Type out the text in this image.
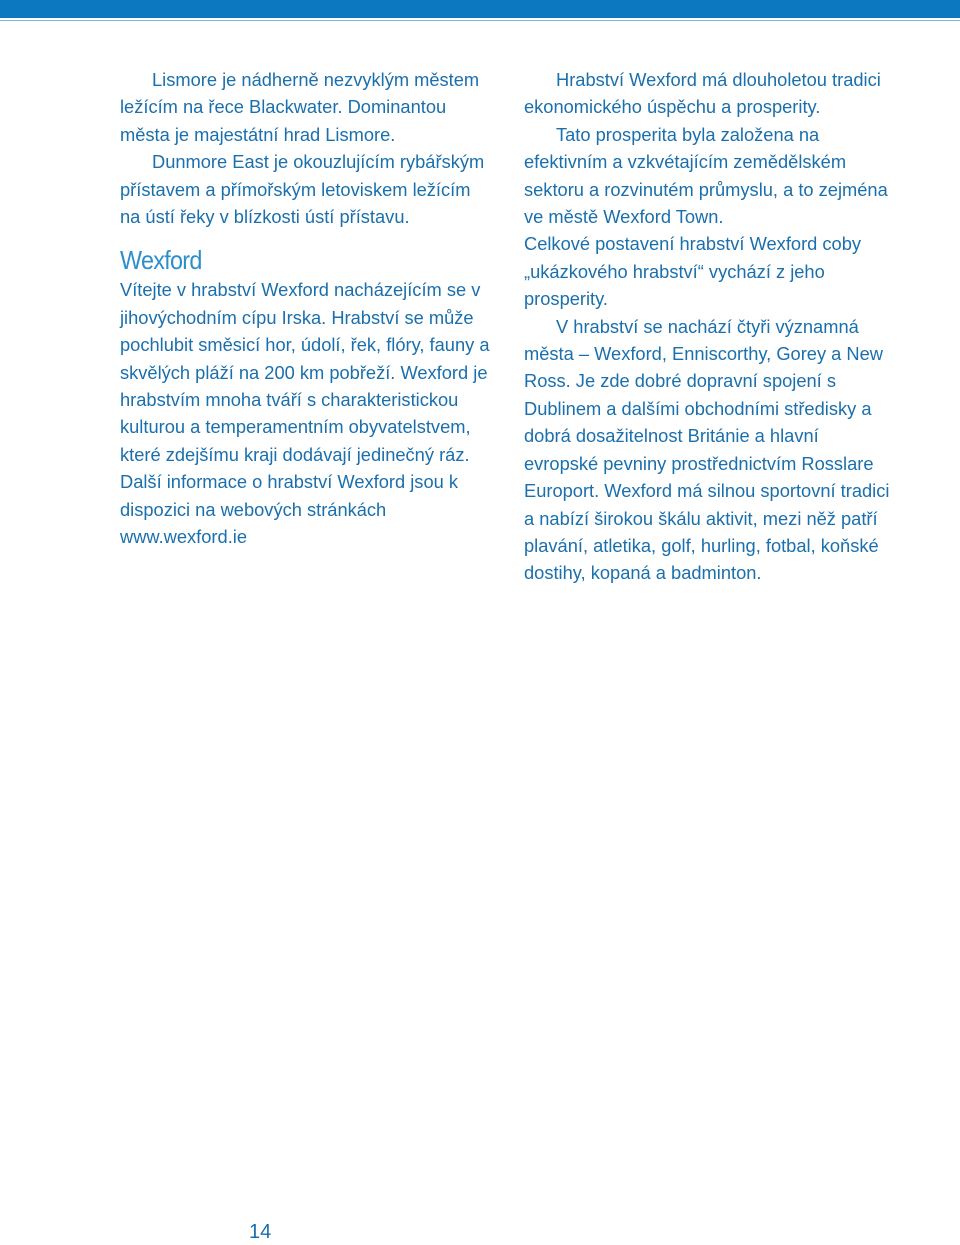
Lismore je nádherně nezvyklým městem ležícím na řece Blackwater. Dominantou města je majestátní hrad Lismore.

Dunmore East je okouzlujícím rybářským přístavem a přímořským letoviskem ležícím na ústí řeky v blízkosti ústí přístavu.

Wexford

Vítejte v hrabství Wexford nacházejícím se v jihovýchodním cípu Irska. Hrabství se může pochlubit směsicí hor, údolí, řek, flóry, fauny a skvělých pláží na 200 km pobřeží. Wexford je hrabstvím mnoha tváří s charakteristickou kulturou a temperamentním obyvatelstvem, které zdejšímu kraji dodávají jedinečný ráz. Další informace o hrabství Wexford jsou k dispozici na webových stránkách www.wexford.ie

Hrabství Wexford má dlouholetou tradici ekonomického úspěchu a prosperity.

Tato prosperita byla založena na efektivním a vzkvétajícím zemědělském sektoru a rozvinutém průmyslu, a to zejména ve městě Wexford Town.

Celkové postavení hrabství Wexford coby „ukázkového hrabství“ vychází z jeho prosperity.

V hrabství se nachází čtyři významná města – Wexford, Enniscorthy, Gorey a New Ross. Je zde dobré dopravní spojení s Dublinem a dalšími obchodními středisky a dobrá dosažitelnost Británie a hlavní evropské pevniny prostřednictvím Rosslare Europort. Wexford má silnou sportovní tradici a nabízí širokou škálu aktivit, mezi něž patří plavání, atletika, golf, hurling, fotbal, koňské dostihy, kopaná a badminton.

14
